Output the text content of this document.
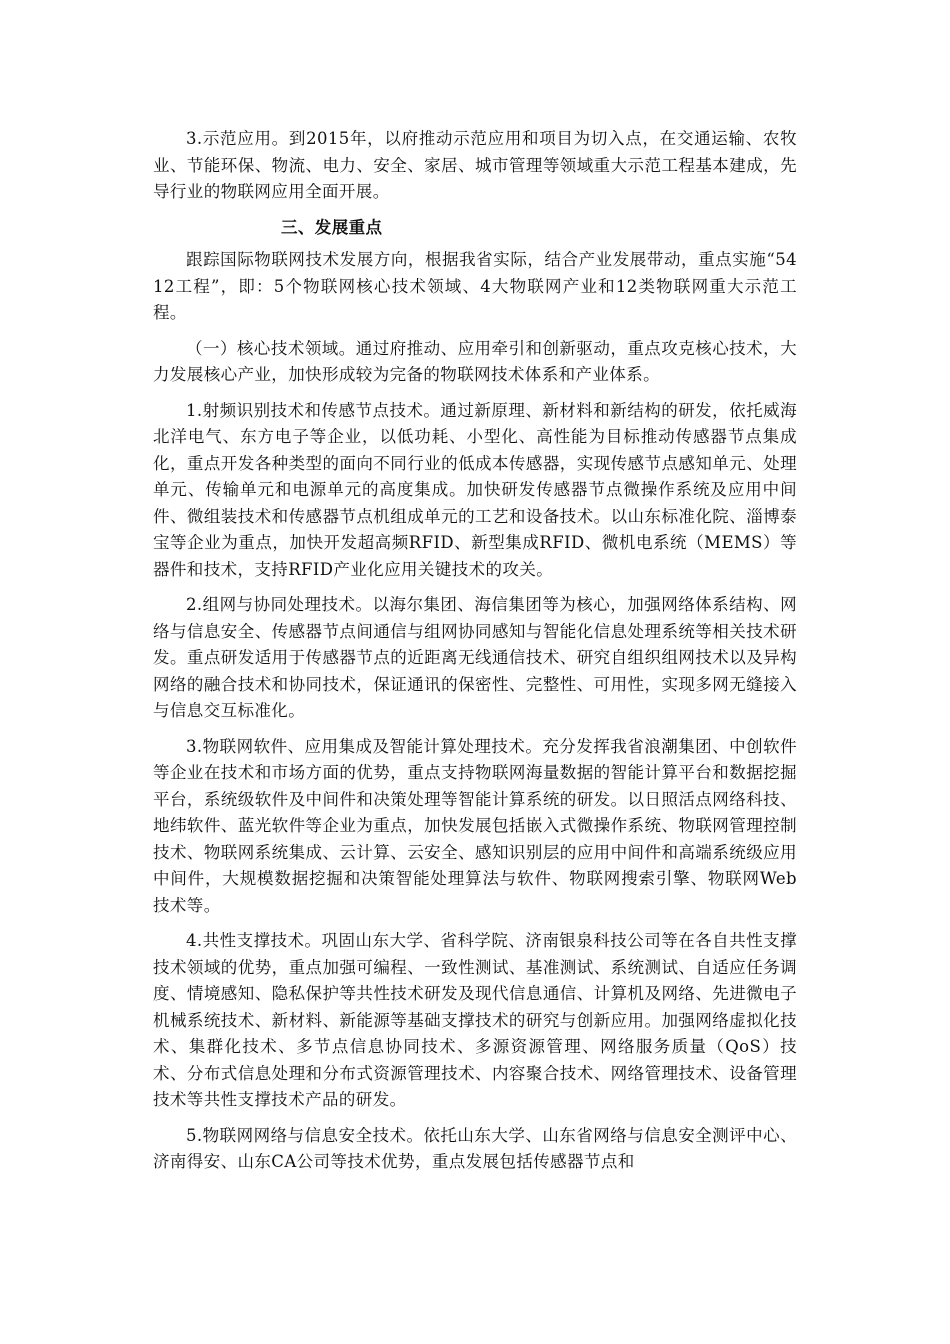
3.示范应用。到2015年，以府推动示范应用和项目为切入点，在交通运输、农牧业、节能环保、物流、电力、安全、家居、城市管理等领域重大示范工程基本建成，先导行业的物联网应用全面开展。

三、发展重点

跟踪国际物联网技术发展方向，根据我省实际，结合产业发展带动，重点实施“5412工程”，即：5个物联网核心技术领域、4大物联网产业和12类物联网重大示范工程。

（一）核心技术领域。通过府推动、应用牵引和创新驱动，重点攻克核心技术，大力发展核心产业，加快形成较为完备的物联网技术体系和产业体系。

1.射频识别技术和传感节点技术。通过新原理、新材料和新结构的研发，依托威海北洋电气、东方电子等企业，以低功耗、小型化、高性能为目标推动传感器节点集成化，重点开发各种类型的面向不同行业的低成本传感器，实现传感节点感知单元、处理单元、传输单元和电源单元的高度集成。加快研发传感器节点微操作系统及应用中间件、微组装技术和传感器节点机组成单元的工艺和设备技术。以山东标准化院、淄博泰宝等企业为重点，加快开发超高频RFID、新型集成RFID、微机电系统（MEMS）等器件和技术，支持RFID产业化应用关键技术的攻关。

2.组网与协同处理技术。以海尔集团、海信集团等为核心，加强网络体系结构、网络与信息安全、传感器节点间通信与组网协同感知与智能化信息处理系统等相关技术研发。重点研发适用于传感器节点的近距离无线通信技术、研究自组织组网技术以及异构网络的融合技术和协同技术，保证通讯的保密性、完整性、可用性，实现多网无缝接入与信息交互标准化。

3.物联网软件、应用集成及智能计算处理技术。充分发挥我省浪潮集团、中创软件等企业在技术和市场方面的优势，重点支持物联网海量数据的智能计算平台和数据挖掘平台，系统级软件及中间件和决策处理等智能计算系统的研发。以日照活点网络科技、地纬软件、蓝光软件等企业为重点，加快发展包括嵌入式微操作系统、物联网管理控制技术、物联网系统集成、云计算、云安全、感知识别层的应用中间件和高端系统级应用中间件，大规模数据挖掘和决策智能处理算法与软件、物联网搜索引擎、物联网Web技术等。

4.共性支撑技术。巩固山东大学、省科学院、济南银泉科技公司等在各自共性支撑技术领域的优势，重点加强可编程、一致性测试、基准测试、系统测试、自适应任务调度、情境感知、隐私保护等共性技术研发及现代信息通信、计算机及网络、先进微电子机械系统技术、新材料、新能源等基础支撑技术的研究与创新应用。加强网络虚拟化技术、集群化技术、多节点信息协同技术、多源资源管理、网络服务质量（QoS）技术、分布式信息处理和分布式资源管理技术、内容聚合技术、网络管理技术、设备管理技术等共性支撑技术产品的研发。

5.物联网网络与信息安全技术。依托山东大学、山东省网络与信息安全测评中心、济南得安、山东CA公司等技术优势，重点发展包括传感器节点和
